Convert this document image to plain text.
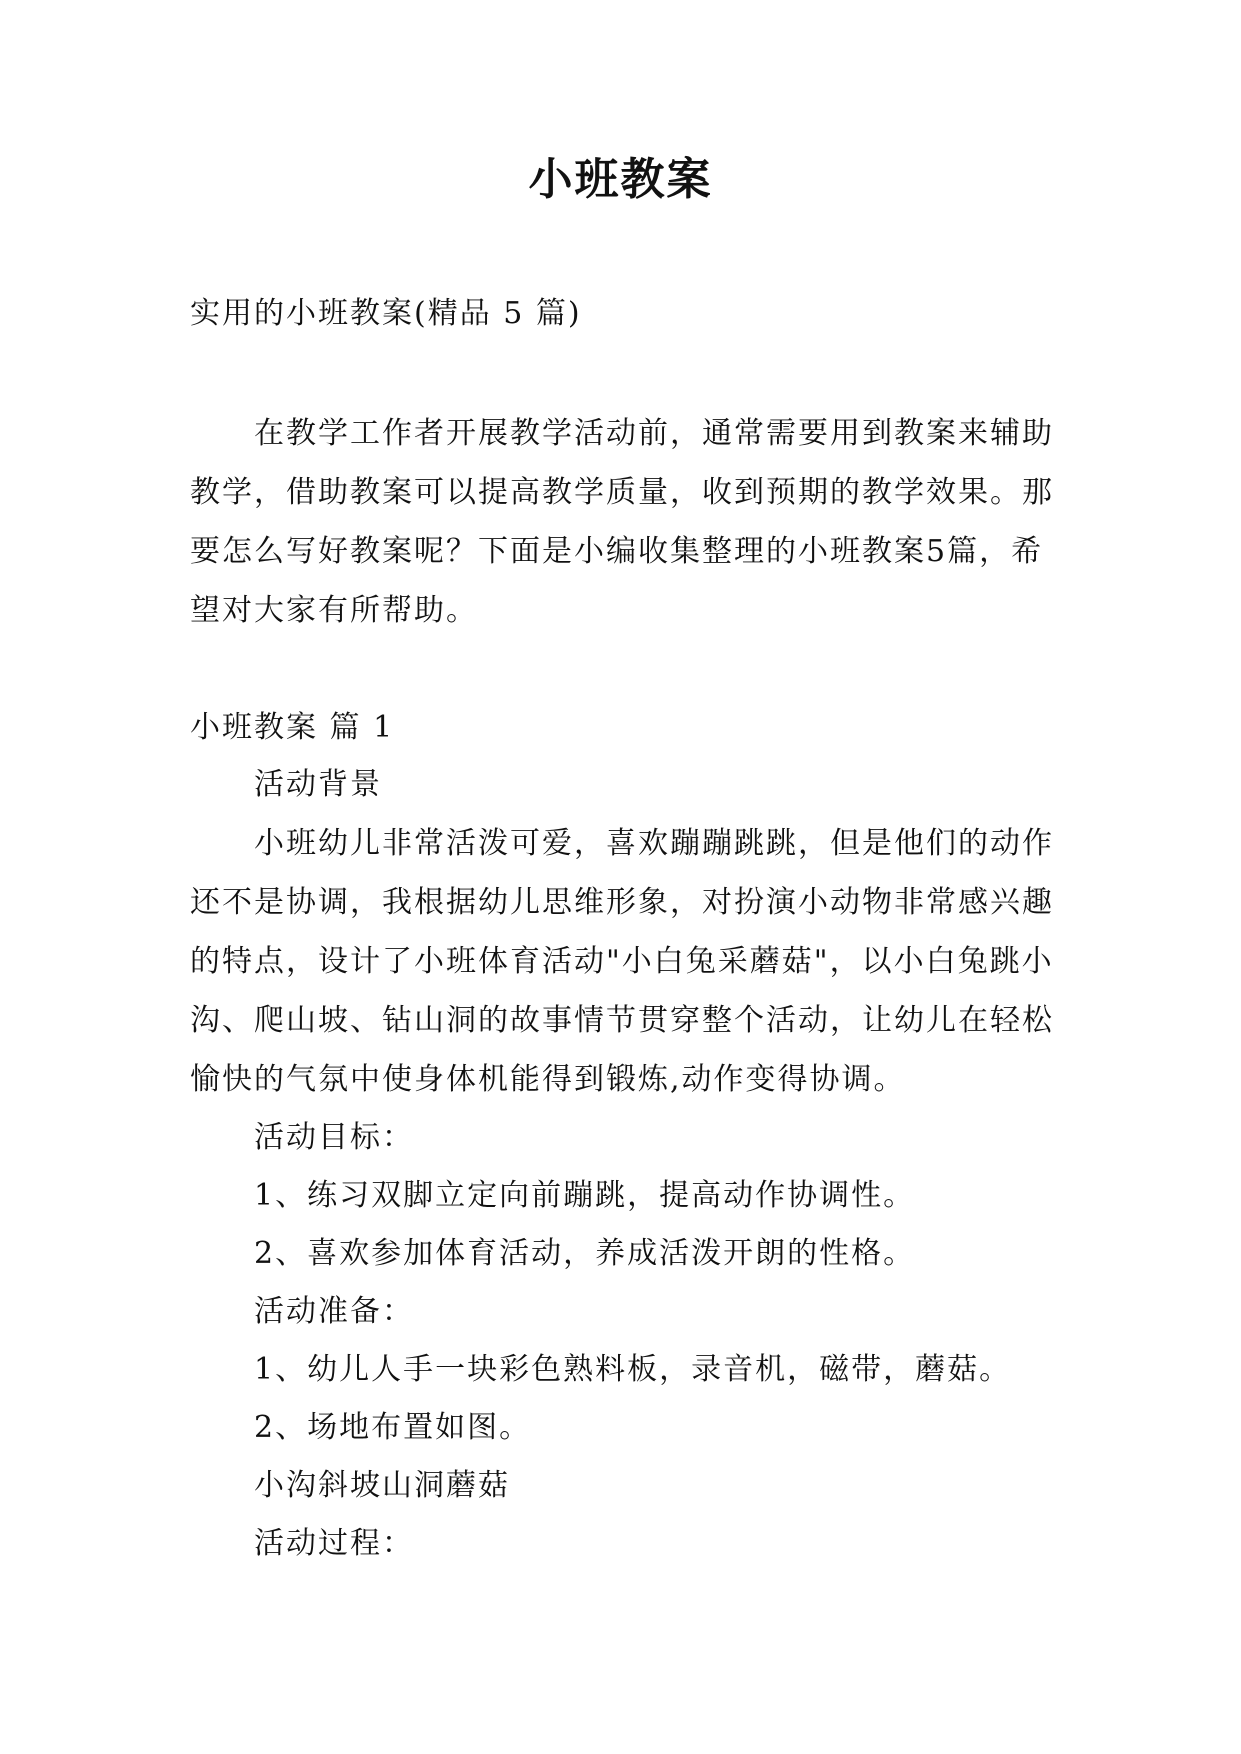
小班教案
实用的小班教案(精品 5 篇)

在教学工作者开展教学活动前，通常需要用到教案来辅助教学，借助教案可以提高教学质量，收到预期的教学效果。那要怎么写好教案呢？下面是小编收集整理的小班教案5篇，希望对大家有所帮助。

小班教案 篇 1

活动背景

小班幼儿非常活泼可爱，喜欢蹦蹦跳跳，但是他们的动作还不是协调，我根据幼儿思维形象，对扮演小动物非常感兴趣的特点，设计了小班体育活动"小白兔采蘑菇"，以小白兔跳小沟、爬山坡、钻山洞的故事情节贯穿整个活动，让幼儿在轻松愉快的气氛中使身体机能得到锻炼,动作变得协调。

活动目标：

1、练习双脚立定向前蹦跳，提高动作协调性。

2、喜欢参加体育活动，养成活泼开朗的性格。

活动准备：

1、幼儿人手一块彩色熟料板，录音机，磁带，蘑菇。

2、场地布置如图。

小沟斜坡山洞蘑菇

活动过程：
